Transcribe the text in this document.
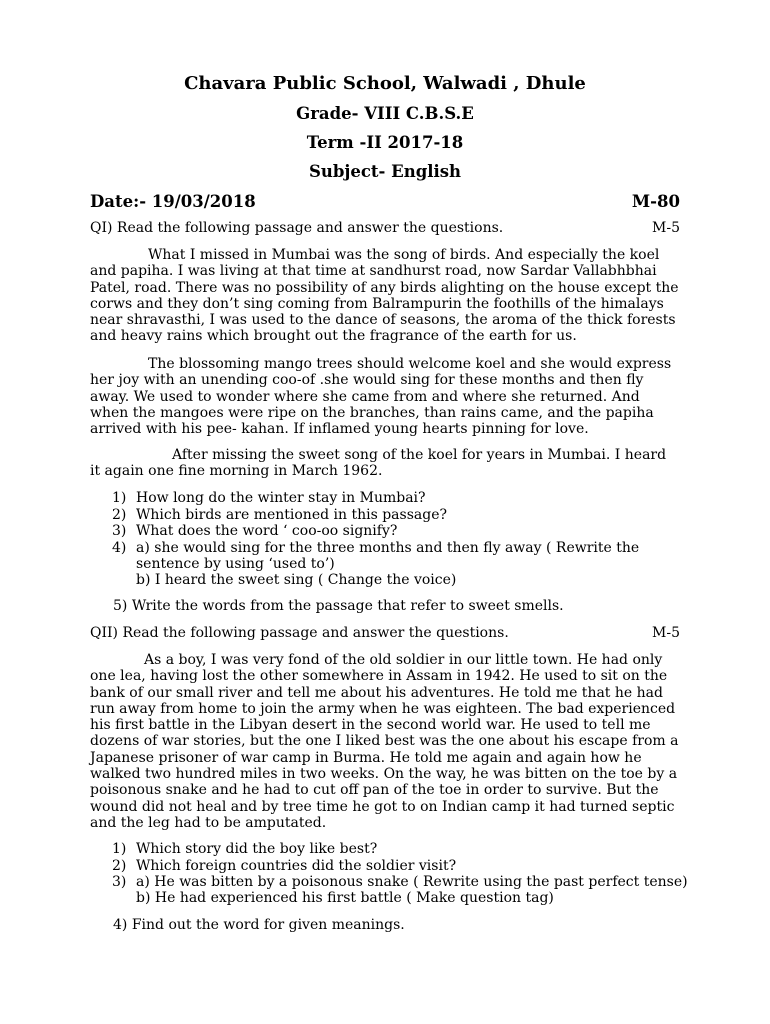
Chavara Public School, Walwadi , Dhule
Grade- VIII C.B.S.E
Term -II 2017-18
Subject- English
Date:- 19/03/2018	M-80
QI) Read the following passage and answer the questions.	M-5

What I missed in Mumbai was the song of birds. And especially the koel and papiha. I was living at that time at sandhurst road, now Sardar Vallabhbhai Patel, road. There was no possibility of any birds alighting on the house except the corws and they don’t sing coming from Balrampurin the foothills of the himalays near shravasthi, I was used to the dance of seasons, the aroma of the thick forests and heavy rains which brought out the fragrance of the earth for us.

The blossoming mango trees should welcome koel and she would express her joy with an unending coo-of .she would sing for these months and then fly away. We used to wonder where she came from and where she returned. And when the mangoes were ripe on the branches, than rains came, and the papiha arrived with his pee- kahan. If inflamed young hearts pinning for love.

After missing the sweet song of the koel for years in Mumbai. I heard it again one fine morning in March 1962.

1) How long do the winter stay in Mumbai?
2) Which birds are mentioned in this passage?
3) What does the word ‘ coo-oo signify?
4) a) she would sing for the three months and then fly away ( Rewrite the
sentence by using ‘used to’)
b) I heard the sweet sing ( Change the voice)
5) Write the words from the passage that refer to sweet smells.
QII) Read the following passage and answer the questions.	M-5

As a boy, I was very fond of the old soldier in our little town. He had only one lea, having lost the other somewhere in Assam in 1942. He used to sit on the bank of our small river and tell me about his adventures. He told me that he had run away from home to join the army when he was eighteen. The bad experienced his first battle in the Libyan desert in the second world war. He used to tell me dozens of war stories, but the one I liked best was the one about his escape from a Japanese prisoner of war camp in Burma. He told me again and again how he walked two hundred miles in two weeks. On the way, he was bitten on the toe by a poisonous snake and he had to cut off pan of the toe in order to survive. But the wound did not heal and by tree time he got to on Indian camp it had turned septic and the leg had to be amputated.

1) Which story did the boy like best?
2) Which foreign countries did the soldier visit?
3) a) He was bitten by a poisonous snake ( Rewrite using the past perfect tense)
b) He had experienced his first battle ( Make question tag)
4) Find out the word for given meanings.
